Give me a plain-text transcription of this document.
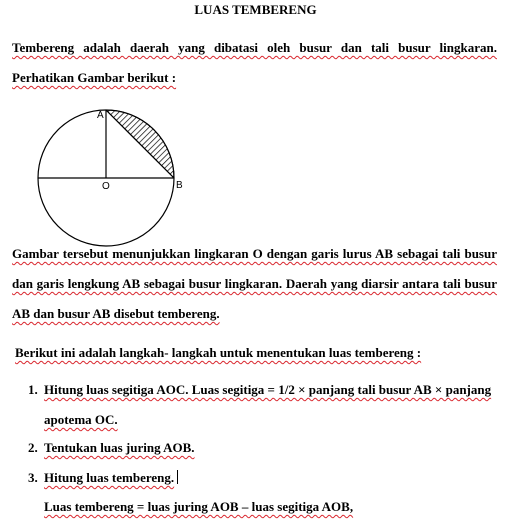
LUAS TEMBERENG
Tembereng adalah daerah yang dibatasi oleh busur dan tali busur lingkaran.
Perhatikan Gambar berikut :
A
O	B
Gambar tersebut menunjukkan lingkaran O dengan garis lurus AB sebagai tali busur
dan garis lengkung AB sebagai busur lingkaran. Daerah yang diarsir antara tali busur
AB dan busur AB disebut tembereng.
Berikut ini adalah langkah- langkah untuk menentukan luas tembereng :
1. Hitung luas segitiga AOC. Luas segitiga = 1/2 × panjang tali busur AB × panjang
apotema OC.
2. Tentukan luas juring AOB.
3. Hitung luas tembereng.
Luas tembereng = luas juring AOB – luas segitiga AOB,
